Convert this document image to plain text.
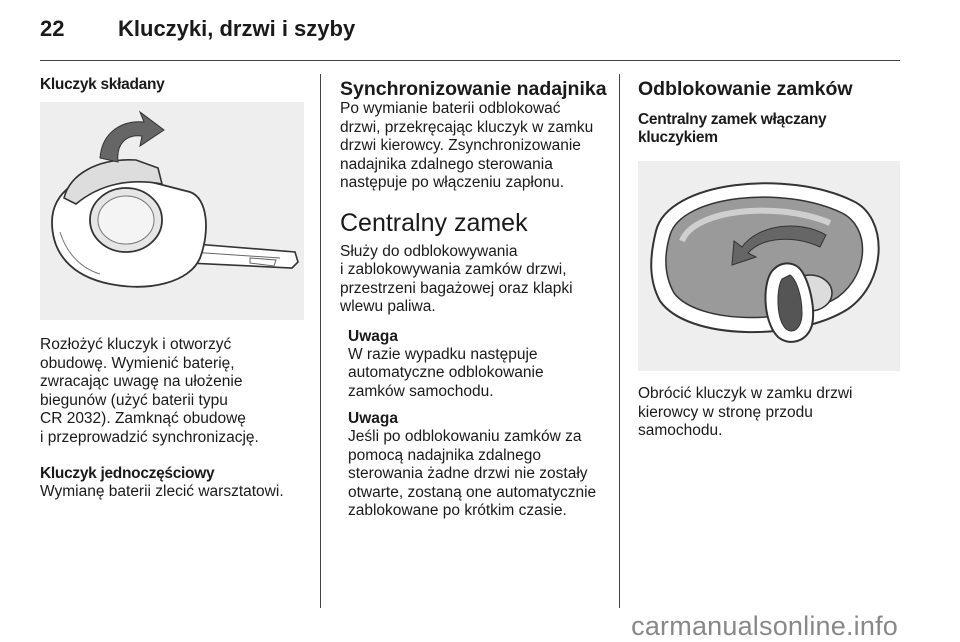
22 Kluczyki, drzwi i szyby
Kluczyk składany
Rozłożyć kluczyk i otworzyć
obudowę. Wymienić baterię,
zwracając uwagę na ułożenie
biegunów (użyć baterii typu
CR 2032). Zamknąć obudowę
i przeprowadzić synchronizację.
Kluczyk jednoczęściowy
Wymianę baterii zlecić warsztatowi.
Synchronizowanie nadajnika
Po wymianie baterii odblokować
drzwi, przekręcając kluczyk w zamku
drzwi kierowcy. Zsynchronizowanie
nadajnika zdalnego sterowania
następuje po włączeniu zapłonu.
Centralny zamek
Służy do odblokowywania
i zablokowywania zamków drzwi,
przestrzeni bagażowej oraz klapki
wlewu paliwa.
Uwaga
W razie wypadku następuje
automatyczne odblokowanie
zamków samochodu.
Uwaga
Jeśli po odblokowaniu zamków za
pomocą nadajnika zdalnego
sterowania żadne drzwi nie zostały
otwarte, zostaną one automatycznie
zablokowane po krótkim czasie.
Odblokowanie zamków
Centralny zamek włączany
kluczykiem
Obrócić kluczyk w zamku drzwi
kierowcy w stronę przodu
samochodu.
carmanualsonline.info
